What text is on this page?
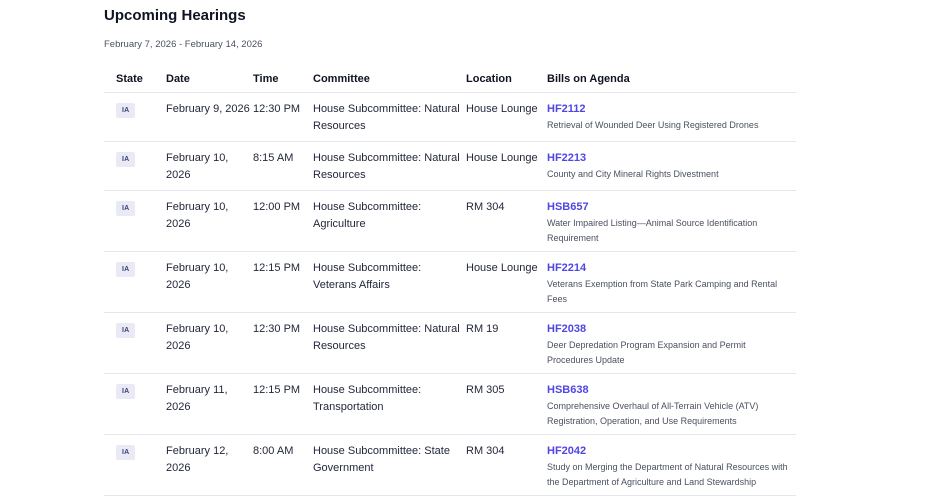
Upcoming Hearings
February 7, 2026 - February 14, 2026
State	Date	Time	Committee	Location	Bills on Agenda
IA	February 9, 2026	12:30 PM	House Subcommittee: Natural Resources	House Lounge	HF2112
Retrieval of Wounded Deer Using Registered Drones

IA	February 10, 2026	8:15 AM	House Subcommittee: Natural Resources	House Lounge	HF2213
County and City Mineral Rights Divestment

IA	February 10, 2026	12:00 PM	House Subcommittee: Agriculture	RM 304	HSB657
Water Impaired Listing—Animal Source Identification Requirement

IA	February 10, 2026	12:15 PM	House Subcommittee: Veterans Affairs	House Lounge	HF2214
Veterans Exemption from State Park Camping and Rental Fees

IA	February 10, 2026	12:30 PM	House Subcommittee: Natural Resources	RM 19	HF2038
Deer Depredation Program Expansion and Permit Procedures Update

IA	February 11, 2026	12:15 PM	House Subcommittee: Transportation	RM 305	HSB638
Comprehensive Overhaul of All-Terrain Vehicle (ATV) Registration, Operation, and Use Requirements

IA	February 12, 2026	8:00 AM	House Subcommittee: State Government	RM 304	HF2042
Study on Merging the Department of Natural Resources with the Department of Agriculture and Land Stewardship
